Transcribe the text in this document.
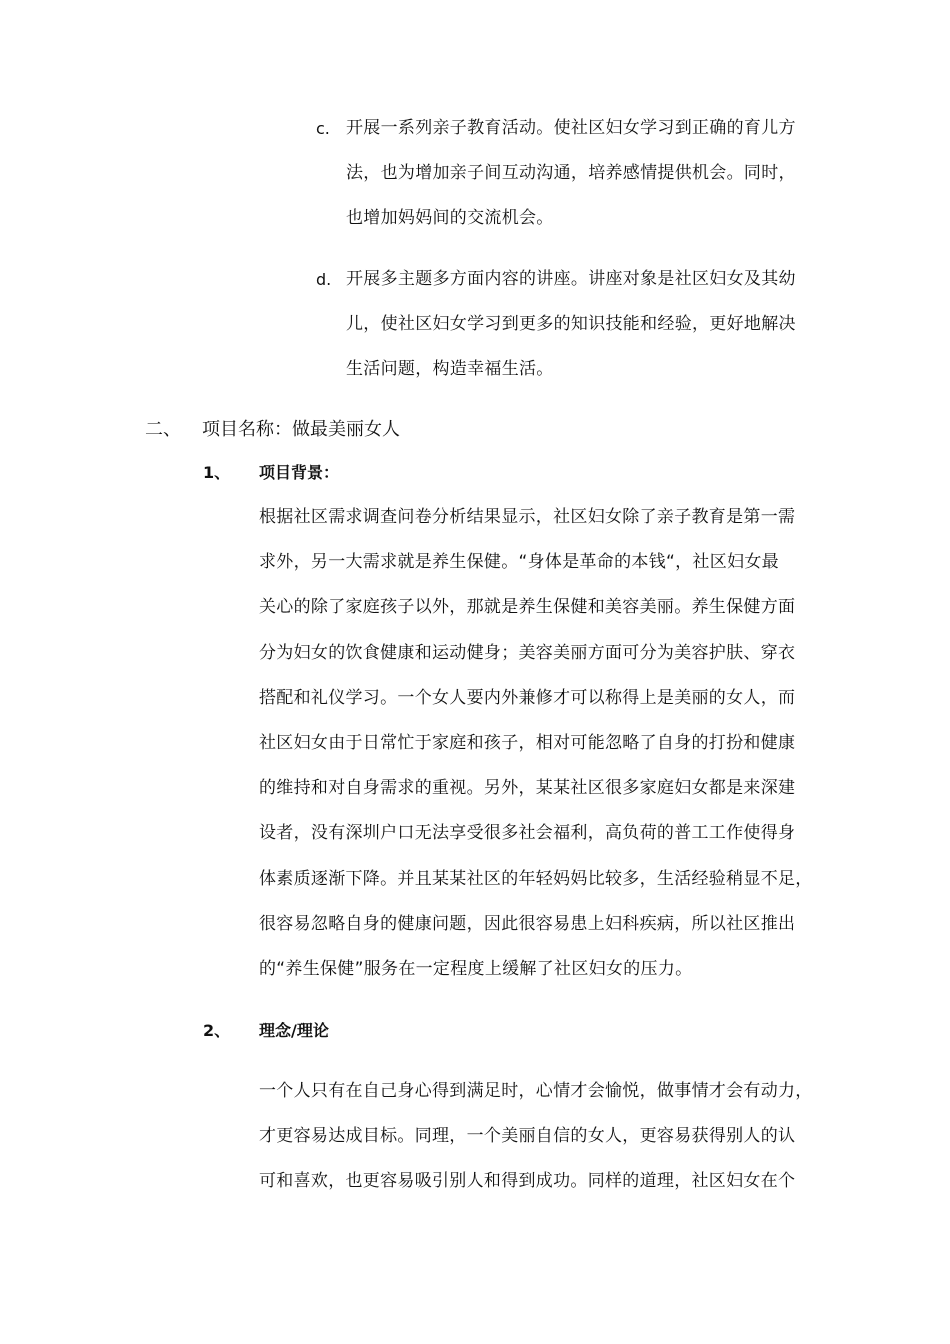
c. 开展一系列亲子教育活动。使社区妇女学习到正确的育儿方
法，也为增加亲子间互动沟通，培养感情提供机会。同时，
也增加妈妈间的交流机会。
d. 开展多主题多方面内容的讲座。讲座对象是社区妇女及其幼
儿，使社区妇女学习到更多的知识技能和经验，更好地解决
生活问题，构造幸福生活。
二、 项目名称：做最美丽女人
1、 项目背景：
根据社区需求调查问卷分析结果显示，社区妇女除了亲子教育是第一需
求外，另一大需求就是养生保健。“身体是革命的本钱“，社区妇女最
关心的除了家庭孩子以外，那就是养生保健和美容美丽。养生保健方面
分为妇女的饮食健康和运动健身；美容美丽方面可分为美容护肤、穿衣
搭配和礼仪学习。一个女人要内外兼修才可以称得上是美丽的女人，而
社区妇女由于日常忙于家庭和孩子，相对可能忽略了自身的打扮和健康
的维持和对自身需求的重视。另外，某某社区很多家庭妇女都是来深建
设者，没有深圳户口无法享受很多社会福利，高负荷的普工工作使得身
体素质逐渐下降。并且某某社区的年轻妈妈比较多，生活经验稍显不足，
很容易忽略自身的健康问题，因此很容易患上妇科疾病，所以社区推出
的“养生保健”服务在一定程度上缓解了社区妇女的压力。
2、 理念/理论
一个人只有在自己身心得到满足时，心情才会愉悦，做事情才会有动力，
才更容易达成目标。同理，一个美丽自信的女人，更容易获得别人的认
可和喜欢，也更容易吸引别人和得到成功。同样的道理，社区妇女在个
